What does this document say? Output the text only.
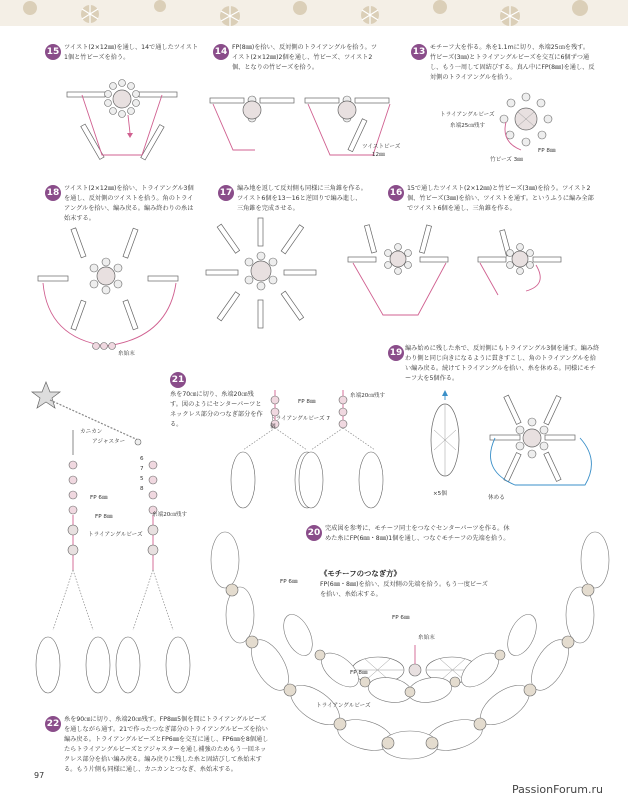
15 ツイスト(2×12㎜)を通し、14で通したツイスト1個と竹ビーズを拾う。
14 FP(8㎜)を拾い、反対側のトライアングルを拾う。ツイスト(2×12㎜)2個を通し、竹ビーズ、ツイスト2個、となりの竹ビーズを拾う。
13 モチーフ大を作る。糸を1.1mに切り、糸端25㎝を残す。竹ビーズ(3㎜)とトライアングルビーズを交互に6個ずつ通し、もう一周して固結びする。真ん中にFP(8㎜)を通し、反対側のトライアングルを拾う。
ツイストビーズ
12㎜
トライアングルビーズ
糸端25㎝残す
竹ビーズ 3㎜
FP 8㎜
18 ツイスト(2×12㎜)を拾い、トライアングル3個を通し、反対側のツイストを拾う。角のトライアングルを拾い、編み戻る。編み終わりの糸は始末する。
17 編み地を返して反対側も同様に三角錐を作る。ツイスト6個を13〜16と逆回りで編み進し、三角錐を完成させる。
16 15で通したツイスト(2×12㎜)と竹ビーズ(3㎜)を拾う。ツイスト2個、竹ビーズ(3㎜)を拾い、ツイストを通す。というふうに編み全部でツイスト6個を通し、三角錐を作る。
糸始末	19 編み始めに残した糸で、反対側にもトライアングル3個を通す。編み終わり側と同じ向きになるように貫きすこし、角のトライアングルを拾い編み戻る。続けてトライアングルを拾い、糸を休める。同様にモチーフ大を5個作る。
21
糸を70㎝に切り、糸端20㎝残す。図のようにセンターパーツとネックレス部分のつなぎ部分を作る。
カニカン
アジャスター
6
7
5
8
FP 6㎜
FP 8㎜	糸端20㎝残す
トライアングルビーズ
FP 8㎜
糸端20㎝残す
トライアングルビーズ 7個
×5個
休める
20 完成図を参考に、モチーフ同士をつなぐセンターパーツを作る。休めた糸にFP(6㎜・8㎜)1個を通し、つなぐモチーフの先端を拾う。
《モチーフのつなぎ方》
FP(6㎜・8㎜)を拾い、反対側の先端を拾う。もう一度ビーズを拾い、糸始末する。
FP 6㎜
糸始末
FP 6㎜
FP 8㎜
トライアングルビーズ
22 糸を90㎝に切り、糸端20㎝残す。FP8㎜5個を間にトライアングルビーズを通しながら通す。21で作ったつなぎ部分のトライアングルビーズを拾い編み戻る。トライアングルビーズとFP6㎜を交互に通し、FP6㎜を8個通したらトライアングルビーズとアジャスターを通し補強のためもう一回ネックレス部分を拾い編み戻る。編み戻りに残した糸と固結びして糸始末する。もう片側も同様に通し、カニカンとつなぎ、糸始末する。
97
PassionForum.ru
